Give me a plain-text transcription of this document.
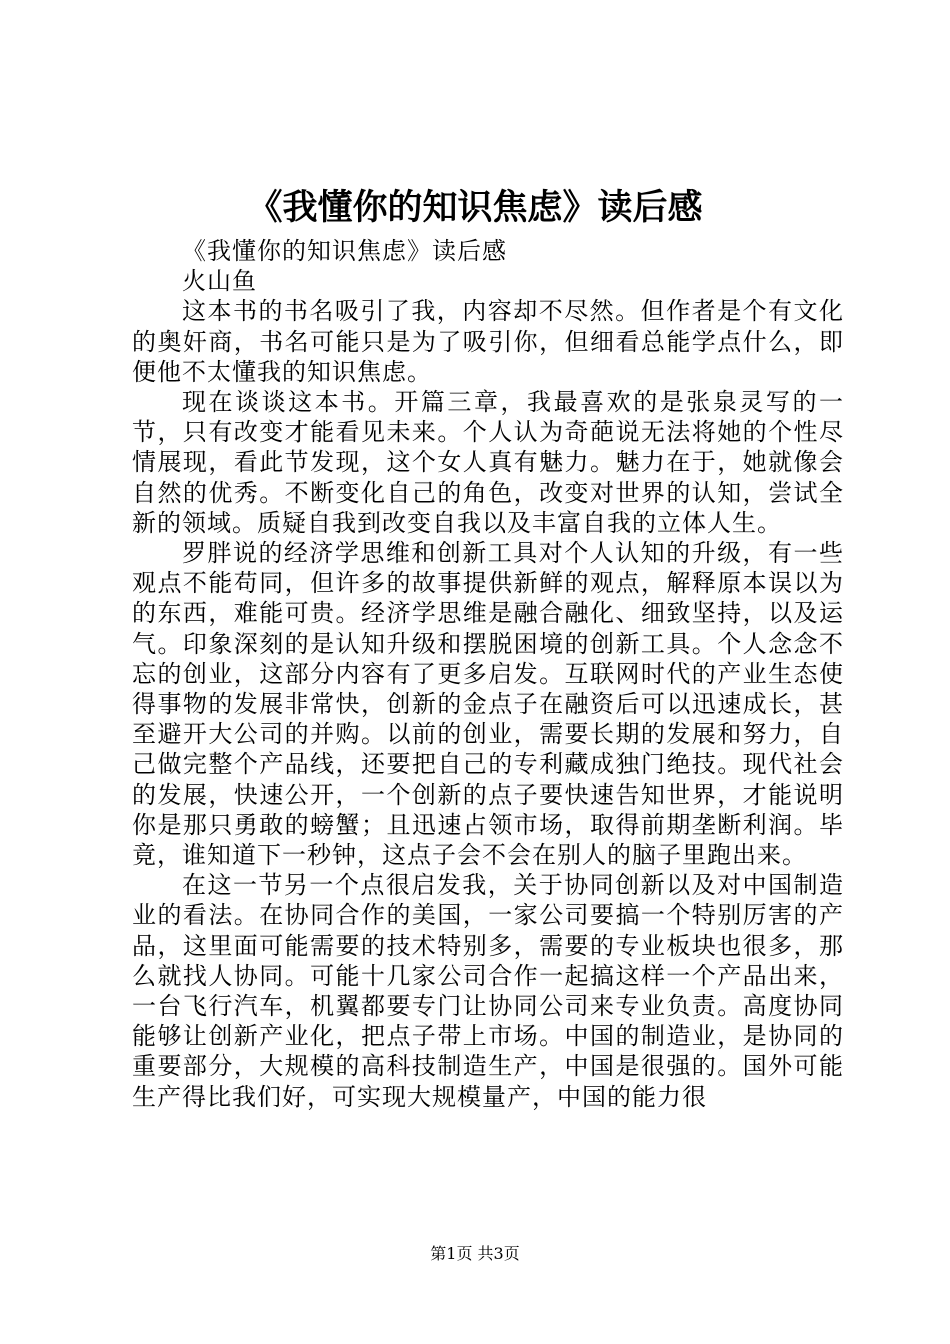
《我懂你的知识焦虑》读后感

《我懂你的知识焦虑》读后感

火山鱼

这本书的书名吸引了我，内容却不尽然。但作者是个有文化的奥奸商，书名可能只是为了吸引你，但细看总能学点什么，即便他不太懂我的知识焦虑。

现在谈谈这本书。开篇三章，我最喜欢的是张泉灵写的一节，只有改变才能看见未来。个人认为奇葩说无法将她的个性尽情展现，看此节发现，这个女人真有魅力。魅力在于，她就像会自然的优秀。不断变化自己的角色，改变对世界的认知，尝试全新的领域。质疑自我到改变自我以及丰富自我的立体人生。

罗胖说的经济学思维和创新工具对个人认知的升级，有一些观点不能苟同，但许多的故事提供新鲜的观点，解释原本误以为的东西，难能可贵。经济学思维是融合融化、细致坚持，以及运气。印象深刻的是认知升级和摆脱困境的创新工具。个人念念不忘的创业，这部分内容有了更多启发。互联网时代的产业生态使得事物的发展非常快，创新的金点子在融资后可以迅速成长，甚至避开大公司的并购。以前的创业，需要长期的发展和努力，自己做完整个产品线，还要把自己的专利藏成独门绝技。现代社会的发展，快速公开，一个创新的点子要快速告知世界，才能说明你是那只勇敢的螃蟹；且迅速占领市场，取得前期垄断利润。毕竟，谁知道下一秒钟，这点子会不会在别人的脑子里跑出来。

在这一节另一个点很启发我，关于协同创新以及对中国制造业的看法。在协同合作的美国，一家公司要搞一个特别厉害的产品，这里面可能需要的技术特别多，需要的专业板块也很多，那么就找人协同。可能十几家公司合作一起搞这样一个产品出来，一台飞行汽车，机翼都要专门让协同公司来专业负责。高度协同能够让创新产业化，把点子带上市场。中国的制造业，是协同的重要部分，大规模的高科技制造生产，中国是很强的。国外可能生产得比我们好，可实现大规模量产，中国的能力很

第1页 共3页
